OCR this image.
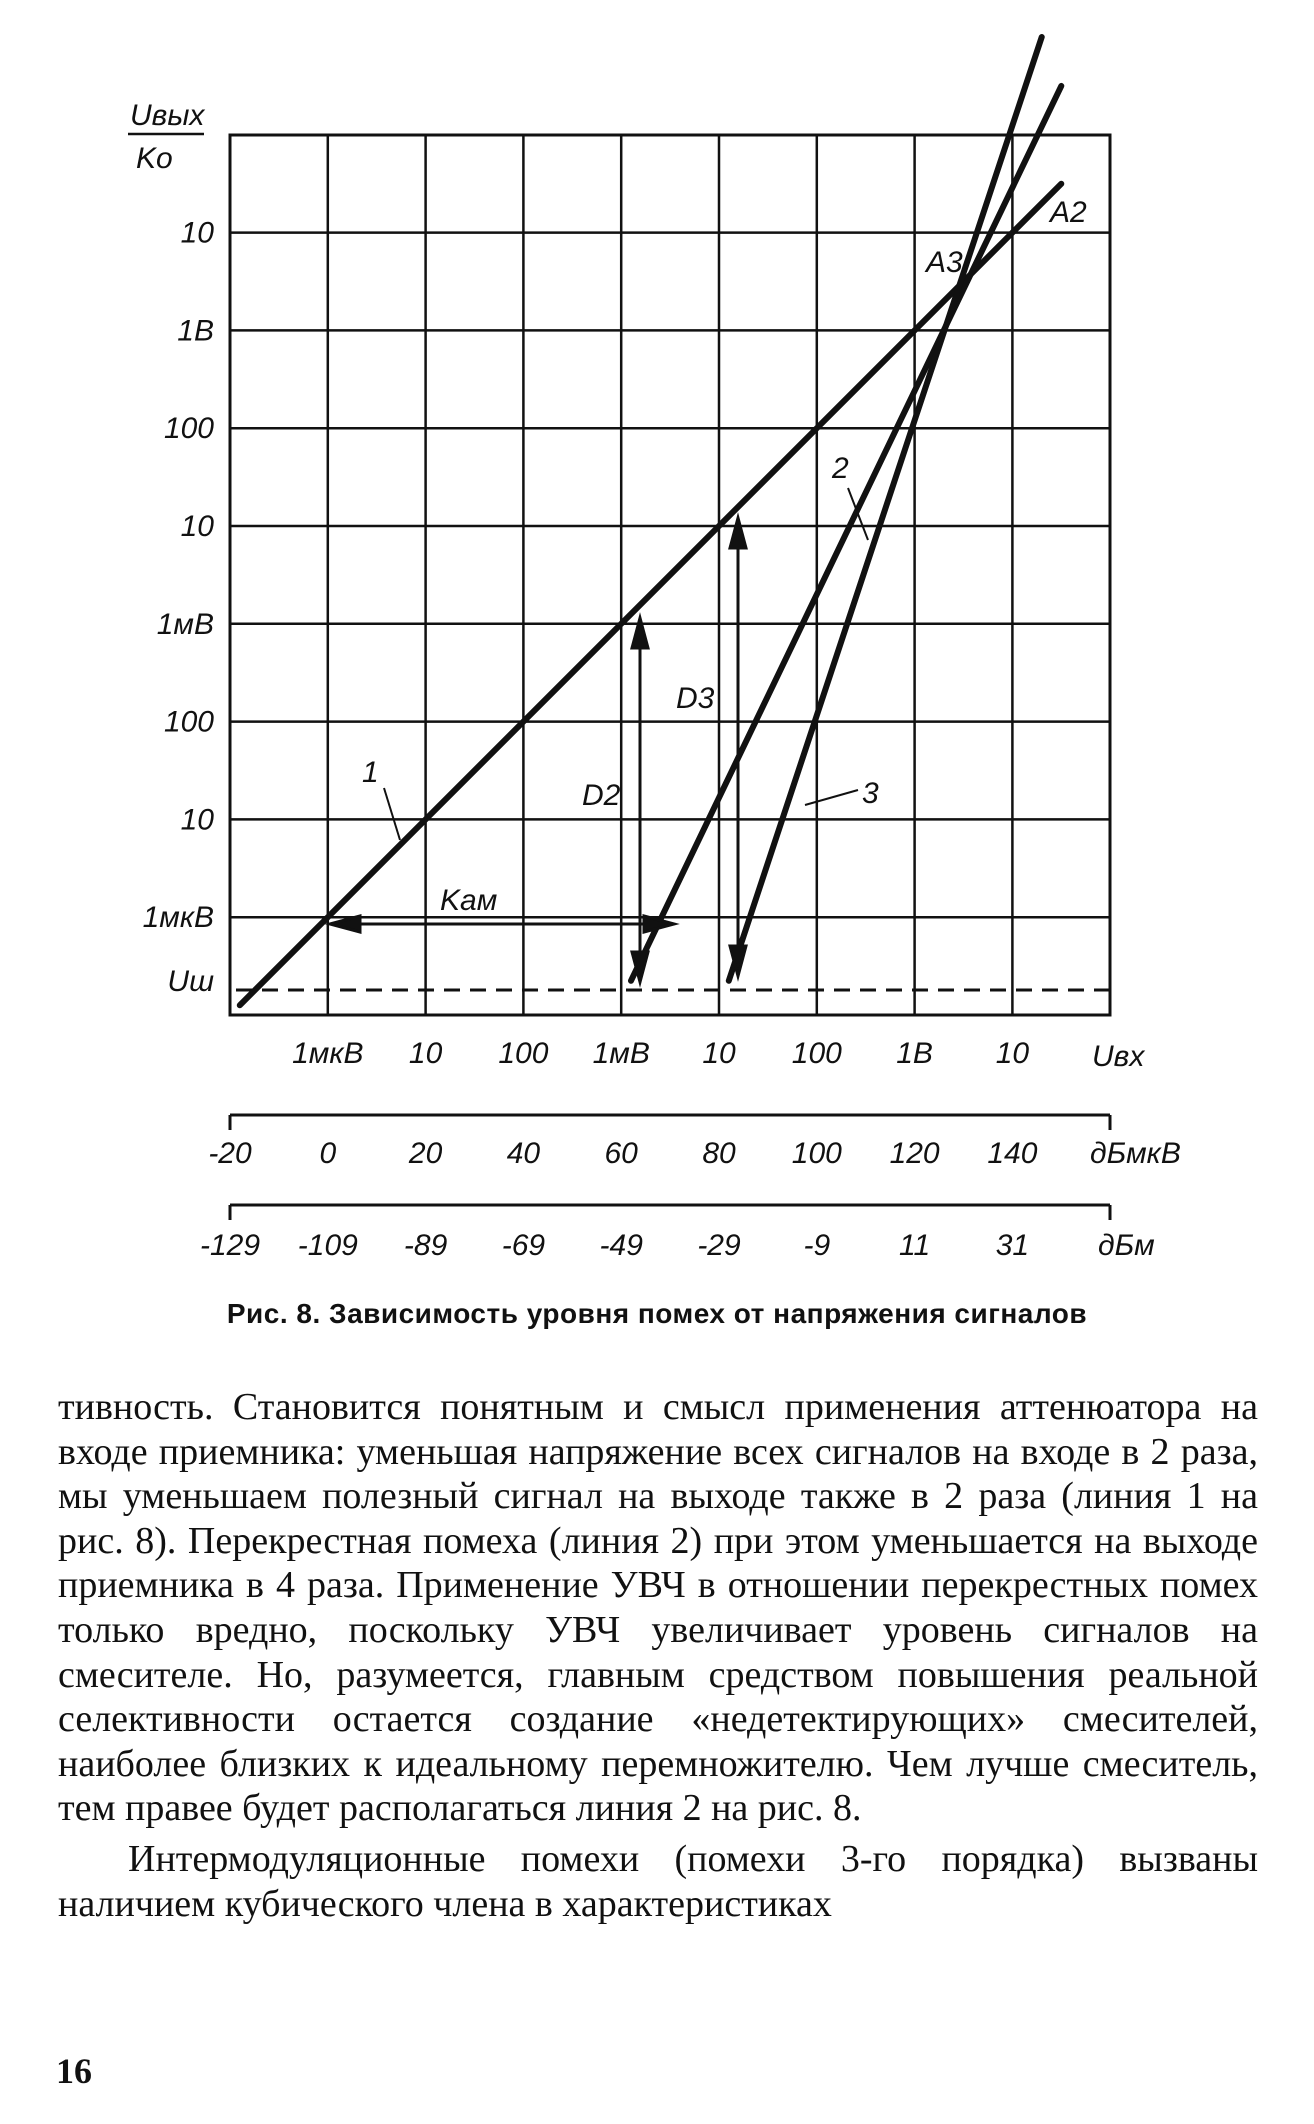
Uвых
Kо
10
1В
100
10
1мВ
100
10
1мкВ
Uш
1мкВ 10 100 1мВ 10 100 1В 10 Uвх
-20 0 20 40 60 80 100 120 140 дБмкВ
-129 -109 -89 -69 -49 -29 -9 11 31 дБм
1
2
3
A2
A3
D2
D3
Kам
Рис. 8. Зависимость уровня помех от напряжения сигналов

тивность. Становится понятным и смысл применения аттенюатора на входе приемника: уменьшая напряжение всех сигналов на входе в 2 раза, мы уменьшаем полезный сигнал на выходе также в 2 раза (линия 1 на рис. 8). Перекрестная помеха (линия 2) при этом уменьшается на выходе приемника в 4 раза. Применение УВЧ в отношении перекрестных помех только вредно, поскольку УВЧ увеличивает уровень сигналов на смесителе. Но, разумеется, главным средством повышения реальной селективности остается создание «недетектирующих» смесителей, наиболее близких к идеальному перемножителю. Чем лучше смеситель, тем правее будет располагаться линия 2 на рис. 8.

Интермодуляционные помехи (помехи 3-го порядка) вызваны наличием кубического члена в характеристиках

16
